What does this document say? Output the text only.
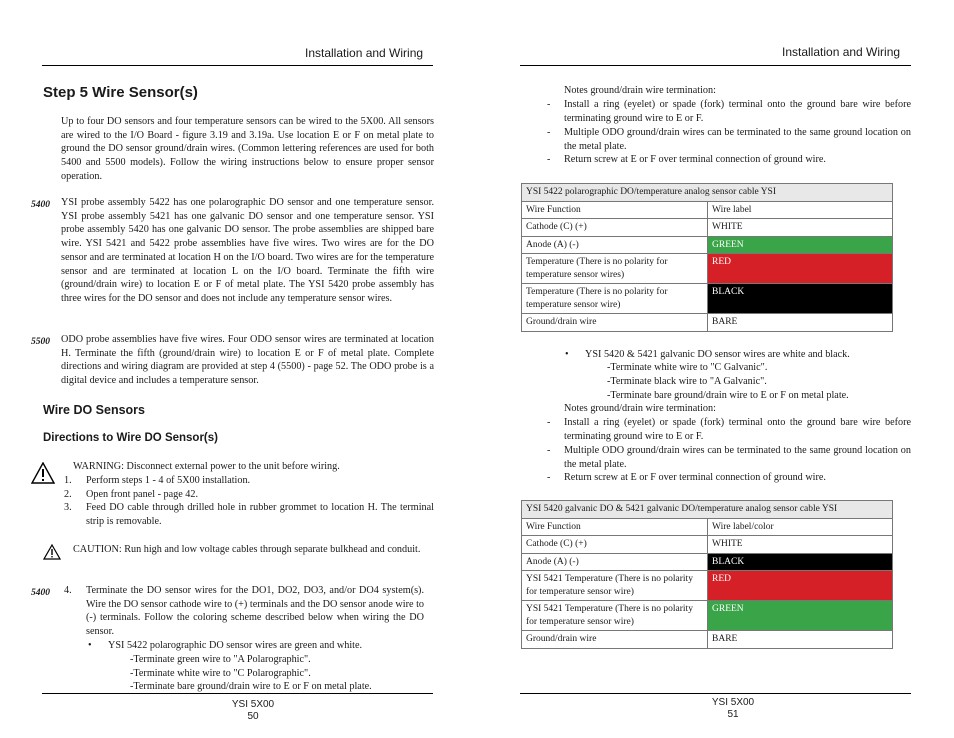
Installation and Wiring
Step 5 Wire Sensor(s)
Up to four DO sensors and four temperature sensors can be wired to the 5X00. All sensors are wired to the I/O Board - figure 3.19 and 3.19a. Use location E or F on metal plate to ground the DO sensor ground/drain wires. (Common lettering references are used for both 5400 and 5500 models). Follow the wiring instructions below to ensure proper sensor operation.
5400 YSI probe assembly 5422 has one polarographic DO sensor and one temperature sensor. YSI probe assembly 5421 has one galvanic DO sensor and one temperature sensor. YSI probe assembly 5420 has one galvanic DO sensor. The probe assemblies are shipped bare wire. YSI 5421 and 5422 probe assemblies have five wires. Two wires are for the DO sensor and are terminated at location H on the I/O board. Two wires are for the temperature sensor and are terminated at location L on the I/O board. Terminate the fifth wire (ground/drain wire) to location E or F of metal plate. The YSI 5420 probe assembly has three wires for the DO sensor and does not include any temperature sensor wires.
5500 ODO probe assemblies have five wires. Four ODO sensor wires are terminated at location H. Terminate the fifth (ground/drain wire) to location E or F of metal plate. Complete directions and wiring diagram are provided at step 4 (5500) - page 52. The ODO probe is a digital device and includes a temperature sensor.
Wire DO Sensors
Directions to Wire DO Sensor(s)
WARNING: Disconnect external power to the unit before wiring.
1. Perform steps 1 - 4 of 5X00 installation.
2. Open front panel - page 42.
3. Feed DO cable through drilled hole in rubber grommet to location H. The terminal strip is removable.
CAUTION: Run high and low voltage cables through separate bulkhead and conduit.
5400 4. Terminate the DO sensor wires for the DO1, DO2, DO3, and/or DO4 system(s). Wire the DO sensor cathode wire to (+) terminals and the DO sensor anode wire to (-) terminals. Follow the coloring scheme described below when wiring the DO sensor.
• YSI 5422 polarographic DO sensor wires are green and white.
-Terminate green wire to "A Polarographic".
-Terminate white wire to "C Polarographic".
-Terminate bare ground/drain wire to E or F on metal plate.
YSI 5X00
50
Installation and Wiring
Notes ground/drain wire termination:
- Install a ring (eyelet) or spade (fork) terminal onto the ground bare wire before terminating ground wire to E or F.
- Multiple ODO ground/drain wires can be terminated to the same ground location on the metal plate.
- Return screw at E or F over terminal connection of ground wire.
YSI 5422 polarographic DO/temperature analog sensor cable YSI	
Wire Function	Wire label
Cathode (C) (+)	WHITE
Anode (A) (-)	GREEN
Temperature (There is no polarity for temperature sensor wires)	RED
Temperature (There is no polarity for temperature sensor wire)	BLACK
Ground/drain wire	BARE
• YSI 5420 & 5421 galvanic DO sensor wires are white and black.
-Terminate white wire to "C Galvanic".
-Terminate black wire to "A Galvanic".
-Terminate bare ground/drain wire to E or F on metal plate.
Notes ground/drain wire termination:
- Install a ring (eyelet) or spade (fork) terminal onto the ground bare wire before terminating ground wire to E or F.
- Multiple ODO ground/drain wires can be terminated to the same ground location on the metal plate.
- Return screw at E or F over terminal connection of ground wire.
YSI 5420 galvanic DO & 5421 galvanic DO/temperature analog sensor cable YSI	
Wire Function	Wire label/color
Cathode (C) (+)	WHITE
Anode (A) (-)	BLACK
YSI 5421 Temperature (There is no polarity for temperature sensor wire)	RED
YSI 5421 Temperature (There is no polarity for temperature sensor wire)	GREEN
Ground/drain wire	BARE
YSI 5X00
51
